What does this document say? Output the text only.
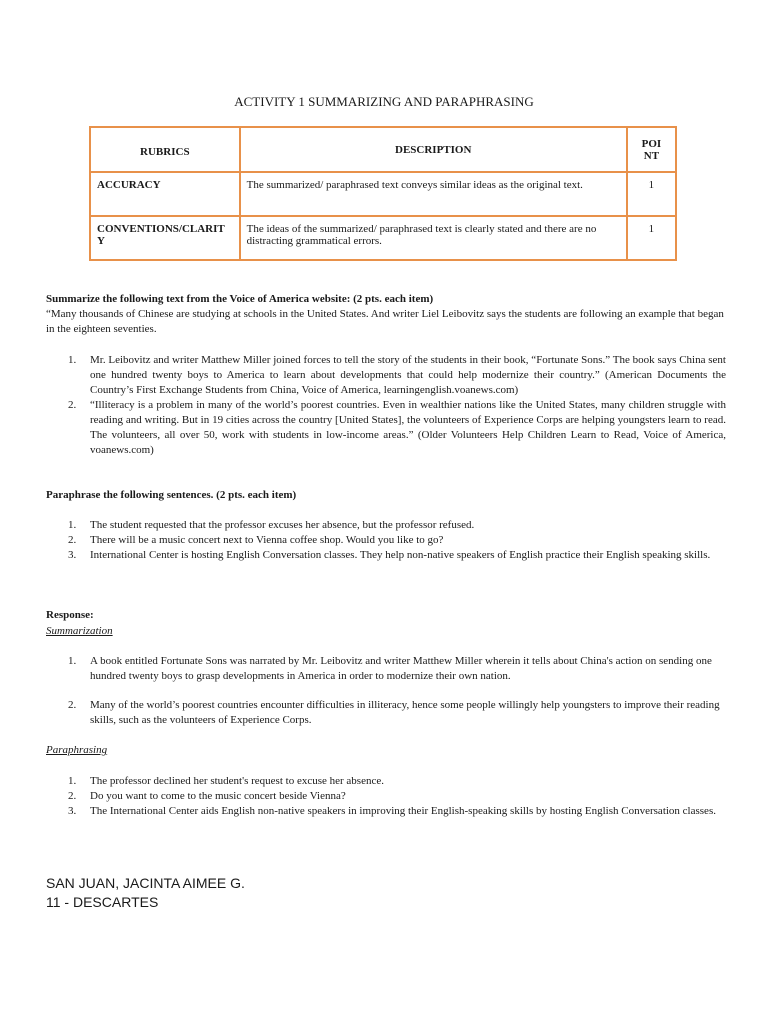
ACTIVITY 1 SUMMARIZING AND PARAPHRASING
RUBRICS	DESCRIPTION	POINT
ACCURACY	The summarized/ paraphrased text conveys similar ideas as the original text.	1
CONVENTIONS/CLARITY	The ideas of the summarized/ paraphrased text is clearly stated and there are no distracting grammatical errors.	1
Summarize the following text from the Voice of America website: (2 pts. each item)
“Many thousands of Chinese are studying at schools in the United States. And writer Liel Leibovitz says the students are following an example that began in the eighteen seventies.
1. Mr. Leibovitz and writer Matthew Miller joined forces to tell the story of the students in their book, “Fortunate Sons.” The book says China sent one hundred twenty boys to America to learn about developments that could help modernize their country.” (American Documents the Country’s First Exchange Students from China, Voice of America, learningenglish.voanews.com)
2. “Illiteracy is a problem in many of the world’s poorest countries. Even in wealthier nations like the United States, many children struggle with reading and writing. But in 19 cities across the country [United States], the volunteers of Experience Corps are helping youngsters learn to read. The volunteers, all over 50, work with students in low-income areas.” (Older Volunteers Help Children Learn to Read, Voice of America, voanews.com)
Paraphrase the following sentences. (2 pts. each item)
1. The student requested that the professor excuses her absence, but the professor refused.
2. There will be a music concert next to Vienna coffee shop. Would you like to go?
3. International Center is hosting English Conversation classes. They help non-native speakers of English practice their English speaking skills.
Response:
Summarization
1. A book entitled Fortunate Sons was narrated by Mr. Leibovitz and writer Matthew Miller wherein it tells about China's action on sending one hundred twenty boys to grasp developments in America in order to modernize their own nation.
2. Many of the world’s poorest countries encounter difficulties in illiteracy, hence some people willingly help youngsters to improve their reading skills, such as the volunteers of Experience Corps.
Paraphrasing
1. The professor declined her student's request to excuse her absence.
2. Do you want to come to the music concert beside Vienna?
3. The International Center aids English non-native speakers in improving their English-speaking skills by hosting English Conversation classes.
SAN JUAN, JACINTA AIMEE G.
11 - DESCARTES
